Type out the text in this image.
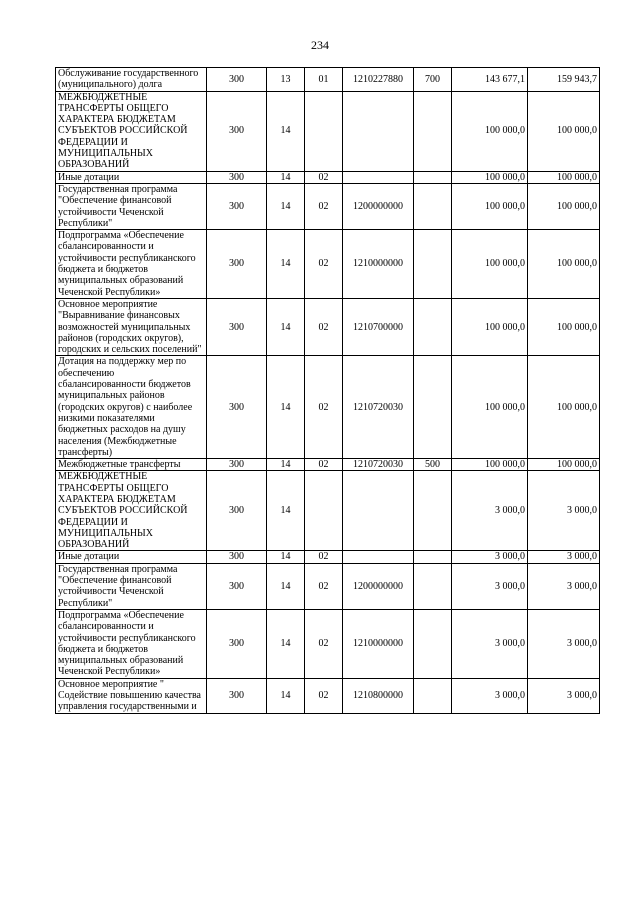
234
Обслуживание государственного (муниципального) долга	300	13	01	1210227880	700	143 677,1	159 943,7
МЕЖБЮДЖЕТНЫЕ ТРАНСФЕРТЫ ОБЩЕГО ХАРАКТЕРА БЮДЖЕТАМ СУБЪЕКТОВ РОССИЙСКОЙ ФЕДЕРАЦИИ И МУНИЦИПАЛЬНЫХ ОБРАЗОВАНИЙ	300	14				100 000,0	100 000,0
Иные дотации	300	14	02			100 000,0	100 000,0
Государственная программа "Обеспечение финансовой устойчивости Чеченской Республики"	300	14	02	1200000000		100 000,0	100 000,0
Подпрограмма «Обеспечение сбалансированности и устойчивости республиканского бюджета и бюджетов муниципальных образований Чеченской Республики»	300	14	02	1210000000		100 000,0	100 000,0
Основное мероприятие "Выравнивание финансовых возможностей муниципальных районов (городских округов), городских и сельских поселений"	300	14	02	1210700000		100 000,0	100 000,0
Дотация на поддержку мер по обеспечению сбалансированности бюджетов муниципальных районов (городских округов) с наиболее низкими показателями бюджетных расходов на душу населения (Межбюджетные трансферты)	300	14	02	1210720030		100 000,0	100 000,0
Межбюджетные трансферты	300	14	02	1210720030	500	100 000,0	100 000,0
МЕЖБЮДЖЕТНЫЕ ТРАНСФЕРТЫ ОБЩЕГО ХАРАКТЕРА БЮДЖЕТАМ СУБЪЕКТОВ РОССИЙСКОЙ ФЕДЕРАЦИИ И МУНИЦИПАЛЬНЫХ ОБРАЗОВАНИЙ	300	14				3 000,0	3 000,0
Иные дотации	300	14	02			3 000,0	3 000,0
Государственная программа "Обеспечение финансовой устойчивости Чеченской Республики"	300	14	02	1200000000		3 000,0	3 000,0
Подпрограмма «Обеспечение сбалансированности и устойчивости республиканского бюджета и бюджетов муниципальных образований Чеченской Республики»	300	14	02	1210000000		3 000,0	3 000,0
Основное мероприятие " Содействие повышению качества управления государственными и	300	14	02	1210800000		3 000,0	3 000,0
